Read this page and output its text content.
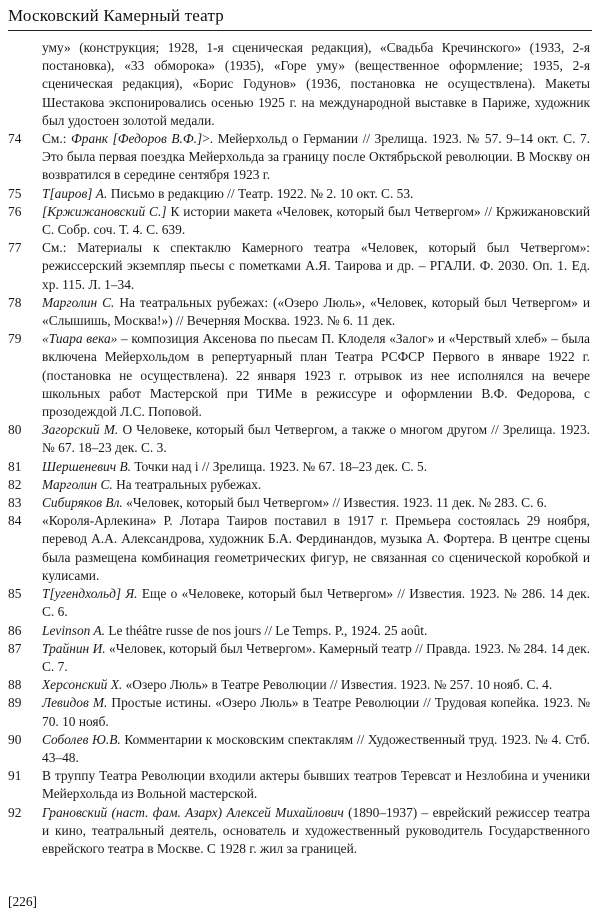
Московский Камерный театр
уму» (конструкция; 1928, 1-я сценическая редакция), «Свадьба Кречинского» (1933, 2-я постановка), «33 обморока» (1935), «Горе уму» (вещественное оформление; 1935, 2-я сценическая редакция), «Борис Годунов» (1936, постановка не осуществлена). Макеты Шестакова экспонировались осенью 1925 г. на международной выставке в Париже, художник был удостоен золотой медали.
74	См.: Франк [Федоров В.Ф.]>. Мейерхольд о Германии // Зрелища. 1923. № 57. 9–14 окт. С. 7. Это была первая поездка Мейерхольда за границу после Октябрьской революции. В Москву он возвратился в середине сентября 1923 г.
75	Т[аиров] А. Письмо в редакцию // Театр. 1922. № 2. 10 окт. С. 53.
76	[Кржижановский С.] К истории макета «Человек, который был Четвергом» // Кржижановский С. Собр. соч. Т. 4. С. 639.
77	См.: Материалы к спектаклю Камерного театра «Человек, который был Четвергом»: режиссерский экземпляр пьесы с пометками А.Я. Таирова и др. – РГАЛИ. Ф. 2030. Оп. 1. Ед. хр. 115. Л. 1–34.
78	Марголин С. На театральных рубежах: («Озеро Люль», «Человек, который был Четвергом» и «Слышишь, Москва!») // Вечерняя Москва. 1923. № 6. 11 дек.
79	«Тиара века» – композиция Аксенова по пьесам П. Клоделя «Залог» и «Черствый хлеб» – была включена Мейерхольдом в репертуарный план Театра РСФСР Первого в январе 1922 г. (постановка не осуществлена). 22 января 1923 г. отрывок из нее исполнялся на вечере школьных работ Мастерской при ТИМе в режиссуре и оформлении В.Ф. Федорова, с прозодеждой Л.С. Поповой.
80	Загорский М. О Человеке, который был Четвергом, а также о многом другом // Зрелища. 1923. № 67. 18–23 дек. С. 3.
81	Шершеневич В. Точки над i // Зрелища. 1923. № 67. 18–23 дек. С. 5.
82	Марголин С. На театральных рубежах.
83	Сибиряков Вл. «Человек, который был Четвергом» // Известия. 1923. 11 дек. № 283. С. 6.
84	«Короля-Арлекина» Р. Лотара Таиров поставил в 1917 г. Премьера состоялась 29 ноября, перевод А.А. Александрова, художник Б.А. Фердинандов, музыка А. Фортера. В центре сцены была размещена комбинация геометрических фигур, не связанная со сценической коробкой и кулисами.
85	Т[угендхольд] Я. Еще о «Человеке, который был Четвергом» // Известия. 1923. № 286. 14 дек. С. 6.
86	Levinson A. Le théâtre russe de nos jours // Le Temps. P., 1924. 25 août.
87	Трайнин И. «Человек, который был Четвергом». Камерный театр // Правда. 1923. № 284. 14 дек. С. 7.
88	Херсонский Х. «Озеро Люль» в Театре Революции // Известия. 1923. № 257. 10 нояб. С. 4.
89	Левидов М. Простые истины. «Озеро Люль» в Театре Революции // Трудовая копейка. 1923. № 70. 10 нояб.
90	Соболев Ю.В. Комментарии к московским спектаклям // Художественный труд. 1923. № 4. Стб. 43–48.
91	В труппу Театра Революции входили актеры бывших театров Теревсат и Незлобина и ученики Мейерхольда из Вольной мастерской.
92	Грановский (наст. фам. Азарх) Алексей Михайлович (1890–1937) – еврейский режиссер театра и кино, театральный деятель, основатель и художественный руководитель Государственного еврейского театра в Москве. С 1928 г. жил за границей.
[226]
